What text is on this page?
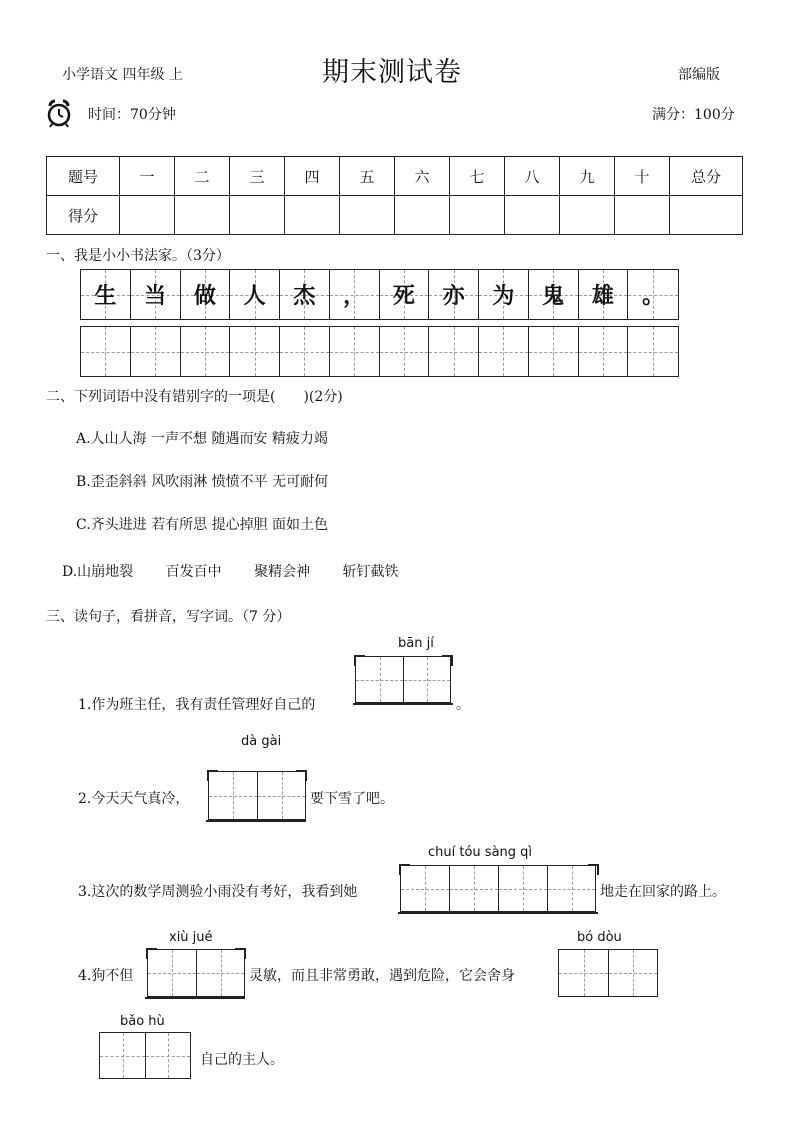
小学语文 四年级 上	期末测试卷	部编版
时间：70分钟	满分：100分
题号	一	二	三	四	五	六	七	八	九	十	总分
得分											
一、我是小小书法家。（3分）
生	当	做	人	杰	，	死	亦	为	鬼	雄	。
二、下列词语中没有错别字的一项是(　　)(2分)
A.人山人海 一声不想 随遇而安 精疲力竭
B.歪歪斜斜 风吹雨淋 愤愤不平 无可耐何
C.齐头进进 若有所思 提心掉胆 面如土色
D.山崩地裂　　 百发百中　　 聚精会神　　 斩钉截铁
三、读句子，看拼音，写字词。（7 分）
bān jí
1.作为班主任，我有责任管理好自己的	。
dà gài
2.今天天气真冷，	要下雪了吧。
chuí tóu sàng qì
3.这次的数学周测验小雨没有考好，我看到她	地走在回家的路上。
xiù jué
4.狗不但	灵敏，而且非常勇敢，遇到危险，它会舍身
bó dòu
bǎo hù
自己的主人。
